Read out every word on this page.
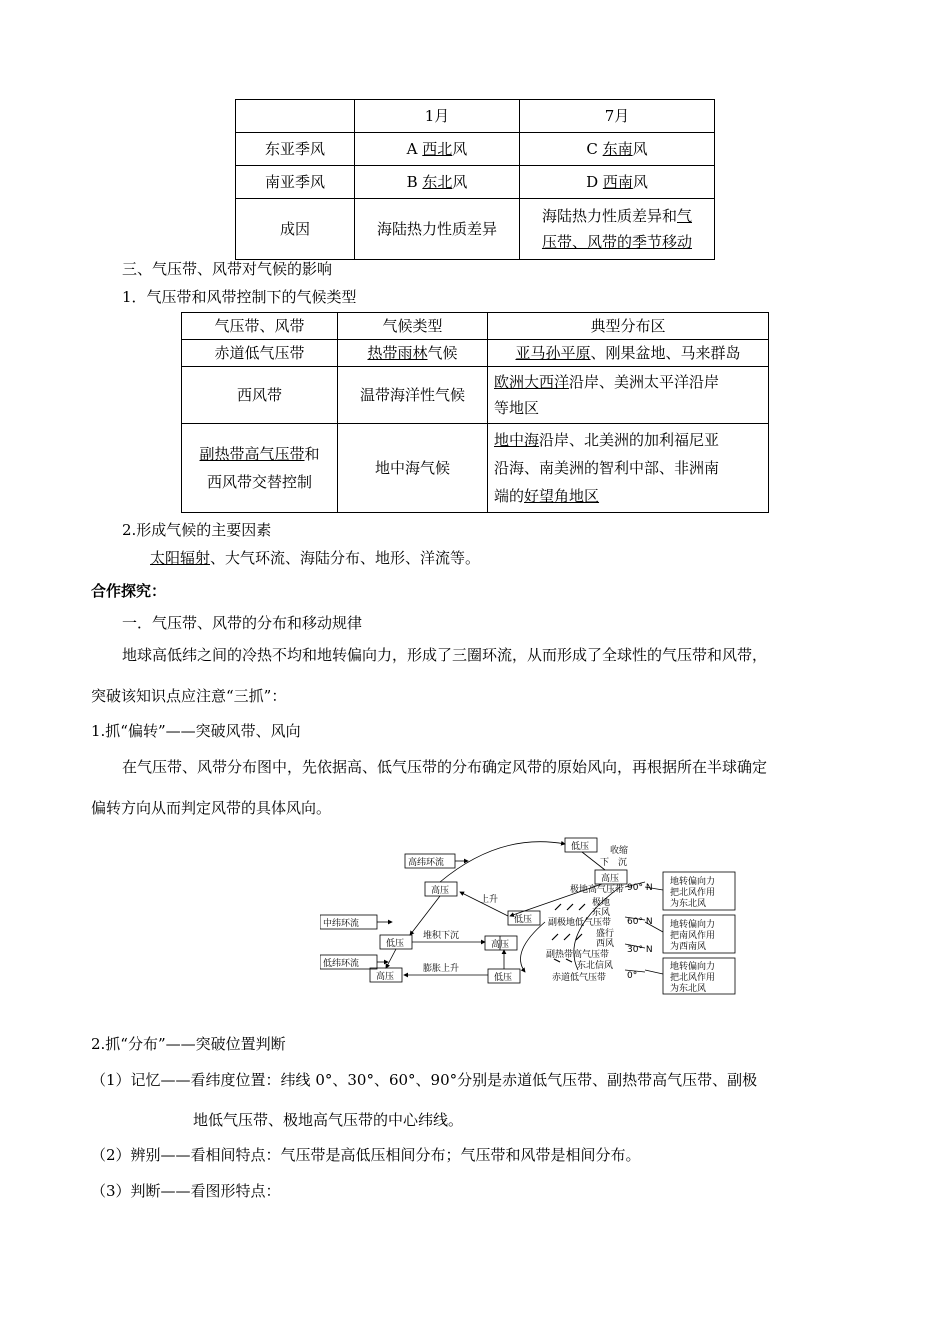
	1月	7月
东亚季风	A 西北风	C 东南风
南亚季风	B 东北风	D 西南风
成因	海陆热力性质差异	海陆热力性质差异和气
压带、风带的季节移动
三、气压带、风带对气候的影响
1．气压带和风带控制下的气候类型
气压带、风带	气候类型	典型分布区
赤道低气压带	热带雨林气候	亚马孙平原、刚果盆地、马来群岛
西风带	温带海洋性气候	欧洲大西洋沿岸、美洲太平洋沿岸
等地区
副热带高气压带和
西风带交替控制	地中海气候	地中海沿岸、北美洲的加利福尼亚
沿海、南美洲的智利中部、非洲南
端的好望角地区
2.形成气候的主要因素
太阳辐射、大气环流、海陆分布、地形、洋流等。
合作探究：
一．气压带、风带的分布和移动规律
地球高低纬之间的冷热不均和地转偏向力，形成了三圈环流，从而形成了全球性的气压带和风带，
突破该知识点应注意“三抓”：
1.抓“偏转”——突破风带、风向
在气压带、风带分布图中，先依据高、低气压带的分布确定风带的原始风向，再根据所在半球确定
偏转方向从而判定风带的具体风向。
高纬环流
中纬环流
低纬环流
低压 收缩
下 沉
高压
高压
上升
低压
低压
堆积下沉
高压
高压
膨胀上升
低压
极地高气压带
极地
东风
副极地低气压带
盛行
西风
副热带高气压带
东北信风
赤道低气压带
90° N
60° N
30° N
0°
地转偏向力
把北风作用
为东北风
地转偏向力
把南风作用
为西南风
地转偏向力
把北风作用
为东北风
2.抓“分布”——突破位置判断
（1）记忆——看纬度位置：纬线 0°、30°、60°、90°分别是赤道低气压带、副热带高气压带、副极
地低气压带、极地高气压带的中心纬线。
（2）辨别——看相间特点：气压带是高低压相间分布；气压带和风带是相间分布。
（3）判断——看图形特点：
